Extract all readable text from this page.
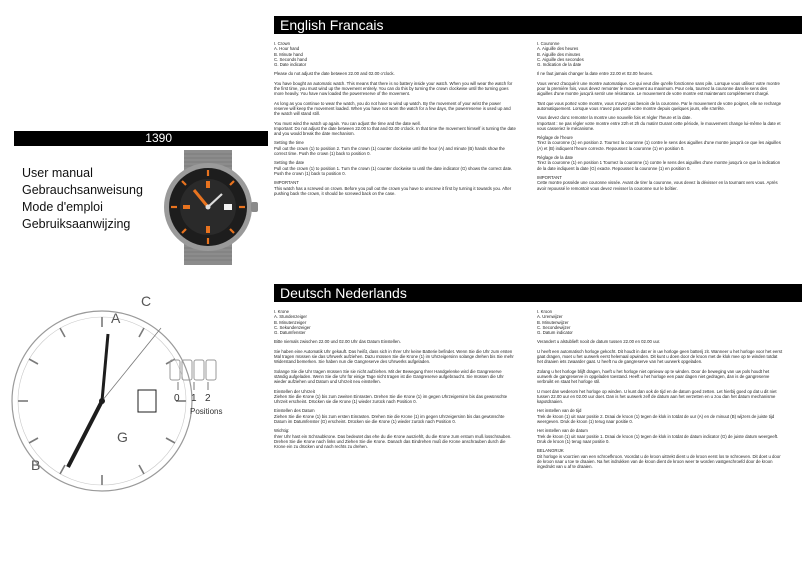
English Francais
Deutsch Nederlands
1390
User manual
Gebrauchsanweisung
Mode d'emploi
Gebruiksaanwijzing
A
C
B
G
0 1 2
Positions

I. Crown
A. Hour hand
B. Minute hand
C. Seconds hand
G. Date indicator

Please do not adjust the date between 22.00 and 02.00 o'clock.

You have bought an automatic watch. This means that there is no battery inside your watch. When you will wear the watch for the first time, you must wind up the movement entirely. You can do this by turning the crown clockwise until the turning goes more heavily. You have now loaded the powerreserve of the movement.

As long as you continue to wear the watch, you do not have to wind up watch. By the movement of your wrist the power reserve will keep the movement loaded. When you have not worn the watch for a few days, the powerreserve is used up and the watch will stand still.

You must wind the watch up again. You can adjust the time and the date well.
Important: Do not adjust the date between 22.00 to that and 02.00 o'clock. In that time the movement himself is turning the date and you would break the date mechanism.

Setting the time
Pull out the crown (1) to position 2. Turn the crown (1) counter clockwise until the hour (A) and minute (B) hands show the correct time. Push the crown (1) back to position 0.

Setting the date
Pull out the crown (1) to position 1. Turn the crown (1) counter clockwise to until the date indicator (G) shows the correct date. Push the crown (1) back to position 0.

IMPORTANT
This watch has a screwed on crown. Before you pull out the crown you have to unscrew it first by turning it towards you. After pushing back the crown, it should be screwed back on the case.

I. Couronne
A. Aiguille des heures
B. Aiguille des minutes
C. Aiguille des secondes
G. Indication de la date

Il ne faut jamais changer la date entre 22.00 et 02.00 heures.

Vous venez d'acquérir une montre automatique. Ce qui veut dire qu'elle fonctionne sans pile. Lorsque vous utilisez votre montre pour la première fois, vous devez remonter le mouvement au maximum. Pour cela, tournez la couronne dans le sens des aiguilles d'une montre jusqu'à sentir une résistance. Le mouvement de votre montre est maintenant complètement chargé.

Tant que vous portez votre montre, vous n'avez pas besoin de la couronne. Par le mouvement de votre poignet, elle se recharge automatiquement. Lorsque vous n'avez pas porté votre montre depuis quelques jours, elle s'arrête.

Vous devez donc remonter la montre une nouvelle fois et régler l'heure et la date.
Important : ne pas régler votre montre entre 22h et 2h du matin! Durant cette période, le mouvement change lui-même la date et vous casseriez le mécanisme.

Réglage de l'heure
Tirez la couronne (1) en position 2. Tournez la couronne (1) contre le sens des aiguilles d'une montre jusqu'à ce que les aiguilles (A) et (B) indiquent l'heure correcte. Repoussez la couronne (1) en position 0.

Réglage de la date
Tirez la couronne (1) en position 1 Tournez la couronne (1) contre le sens des aiguilles d'une montre jusqu'à ce que la indication de la date indiquent la date (G) exacte. Repoussez la couronne (1) en position 0.

IMPORTANT
Cette montre possède une couronne vissée. Avant de tirer la couronne, vous devez la dévisser en la tournant vers vous. Après avoir repoussé le remontoir vous devez revisser la couronne sur le boîtier.

I. Krone
A. Stundenzeiger
B. Minutenzeiger
C. Sekundenzeiger
G. Datumfenster

Bitte niemals zwischen 22.00 und 02.00 Uhr das Datum Einstellen.

Sie haben eine Automatik Uhr gekauft. Das heißt, dass sich in Ihrer Uhr keine Batterie befindet. Wenn Sie die Uhr zum ersten Mal tragen müssen sie das Uhrwerk aufziehen. Dazu müssen Sie die Krone (1) im Uhrzeigersinn solange drehen bis Sie mehr Widerstand bemerken. Sie haben nun die Gangreserve des Uhrwerks aufgeladen.

Solange Sie die Uhr tragen müssen Sie sie nicht aufziehen. Mit der Bewegung Ihrer Handgelenke wird die Gangreserve ständig aufgeladen. Wenn Sie die Uhr für einige Tage nicht tragen ist die Gangreserve aufgebraucht. Sie müssen die Uhr wieder aufziehen und Datum und Uhrzeit neu einstellen.

Einstellen der Uhrzeit
Ziehen Sie die Krone (1) bis zum zweiten Einrasten. Drehen Sie die Krone (1) im gegen Uhrzeigersinn bis das gewünschte Uhrzeit erscheint. Drücken sie die Krone (1) wieder zurück nach Position 0.

Einstellen des Datum
Ziehen Sie die Krone (1) bis zum ersten Einrasten. Drehen Sie die Krone (1) im gegen Uhrzeigersinn bis das gewünschte Datum im Datumfenster (G) erscheint. Drücken sie die Krone (1) wieder zurück nach Position 0.

Wichtig:
Ihrer Uhr hast ein Schraubkrone. Das bedeutet das ehe du die Krone ausziehlt, du die Krone zum erstum muß losschrauben. Drehen Sie die Krone nach links und Ziehen Sie die Krone. Danach das Eindrehen muß die Krone anschrauben durch die Krone ein zu drücken und nach rechts zu drehen.

I. Kroon
A. Urenwijzer
B. Minutenwijzer
C. Secondewijzer
G. Datum indicator

Verandert u alstublieft nooit de datum tussen 22.00 en 02.00 uur.

U heeft een automatisch horloge gekocht. Dit houdt in dat er in uw horloge geen batterij zit. Wanneer u het horloge voor het eerst gaat dragen, moet u het uurwerk eerst helemaal opwinden. Dit kunt u doen door de kroon met de klok mee op te winden totdat het draaien iets zwaarder gaat. U heeft nu de gangreserve van het uurwerk opgeladen.

Zolang u het horloge blijft dragen, hoeft u het horloge niet opnieuw op te winden. Door de beweging van uw pols houdt het uurwerk de gangreserve in opgeladen toestand. Heeft u het horloge een paar dagen niet gedragen, dan is de gangreserve verbruikt en staat het horloge stil.

U moet dan wederom het horloge op winden. U kunt dan ook de tijd en de datum goed zetten. Let hierbij goed op dat u dit niet tussen 22.00 uur en 02.00 uur doet. Dan is het uurwerk zelf de datum aan het verzetten en u zou dan het datum mechanisme kapotdraaien.

Het instellen van de tijd
Trek de kroon (1) uit naar positie 2. Draai de kroon (1) tegen de klok in totdat de uur (A) en de minuut (B) wijzers de juiste tijd weergeven. Druk de kroon (1) terug naar positie 0.

Het instellen van de datum
Trek de kroon (1) uit naar positie 1. Draai de kroon (1) tegen de klok in totdat de datum indicator (G) de juiste datum weergeeft. Druk de kroon (1) terug naar positie 0.

BELANGRIJK
Dit horloge is voorzien van een schroefkroon. Voordat u de kroon uittrekt dient u de kroon eerst los te schroeven. Dit doet u door de kroon naar u toe te draaien. Na het indrukken van de kroon dient de kroon weer te worden vastgeschroefd door de kroon ingedrukt van u af te draaien.
